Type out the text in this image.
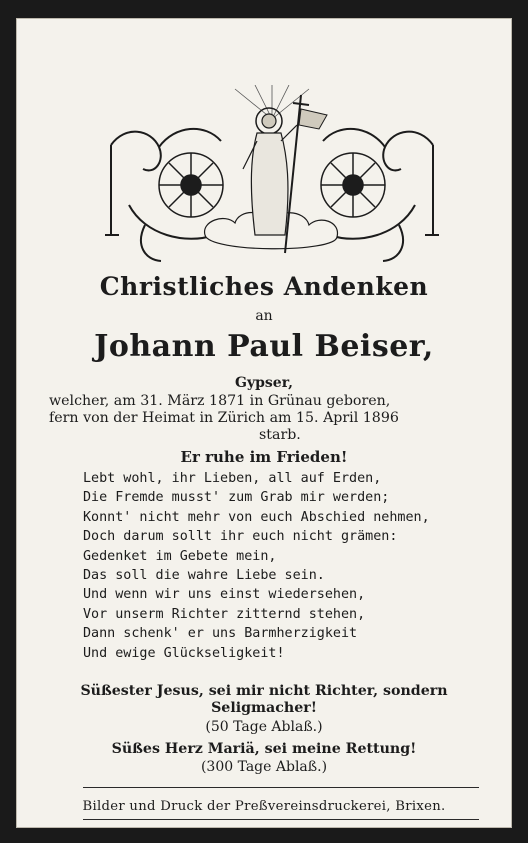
Christliches Andenken
an
Johann Paul Beiser,
Gypser,
welcher, am 31. März 1871 in Grünau geboren,
fern von der Heimat in Zürich am 15. April 1896
starb.
Er ruhe im Frieden!
Lebt wohl, ihr Lieben, all auf Erden,
Die Fremde musst' zum Grab mir werden;
Konnt' nicht mehr von euch Abschied nehmen,
Doch darum sollt ihr euch nicht grämen:
Gedenket im Gebete mein,
Das soll die wahre Liebe sein.
Und wenn wir uns einst wiedersehen,
Vor unserm Richter zitternd stehen,
Dann schenk' er uns Barmherzigkeit
Und ewige Glückseligkeit!
Süßester Jesus, sei mir nicht Richter, sondern
Seligmacher!
(50 Tage Ablaß.)
Süßes Herz Mariä, sei meine Rettung!
(300 Tage Ablaß.)
Bilder und Druck der Preßvereinsdruckerei, Brixen.
